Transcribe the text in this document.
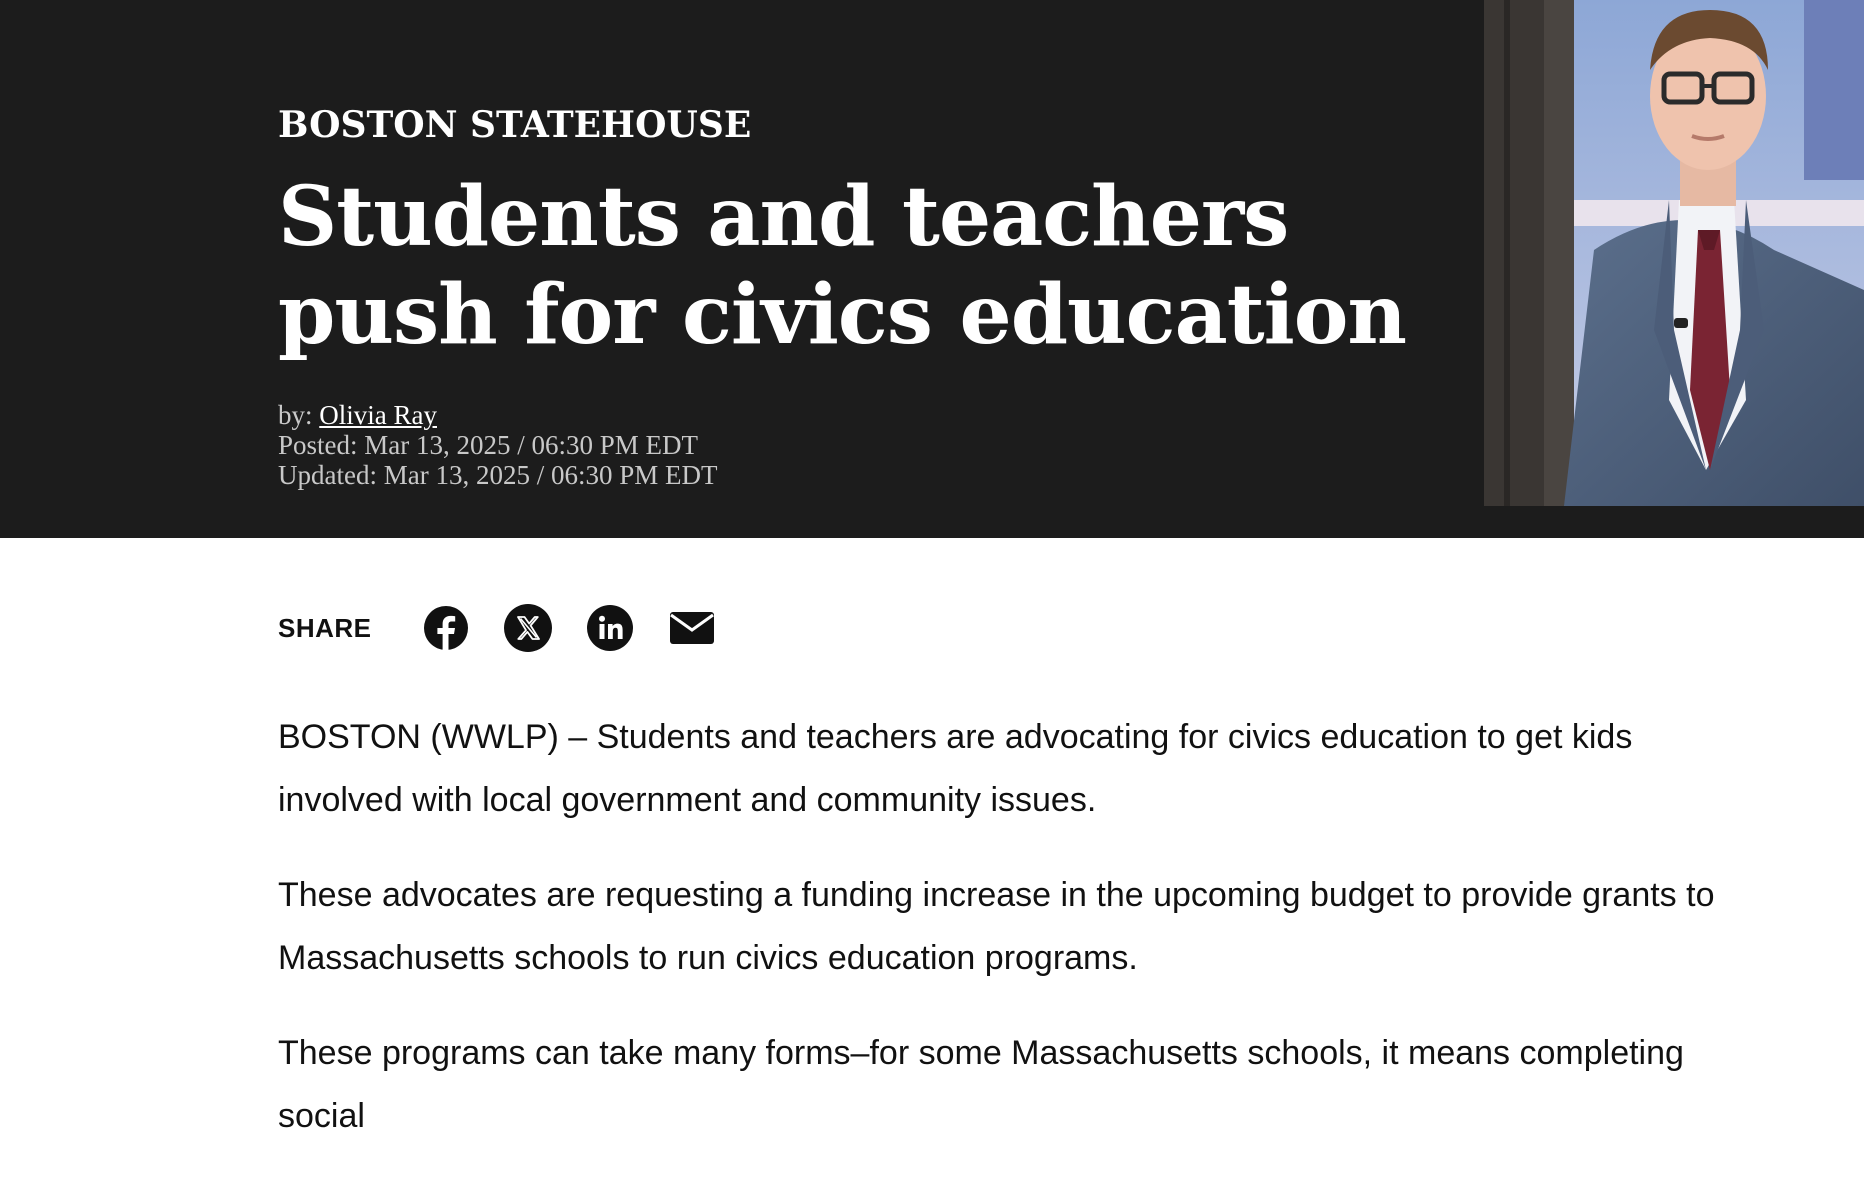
BOSTON STATEHOUSE

Students and teachers push for civics education
by: Olivia Ray
Posted: Mar 13, 2025 / 06:30 PM EDT
Updated: Mar 13, 2025 / 06:30 PM EDT
SHARE

BOSTON (WWLP) – Students and teachers are advocating for civics education to get kids involved with local government and community issues.

These advocates are requesting a funding increase in the upcoming budget to provide grants to Massachusetts schools to run civics education programs.

These programs can take many forms–for some Massachusetts schools, it means completing social
